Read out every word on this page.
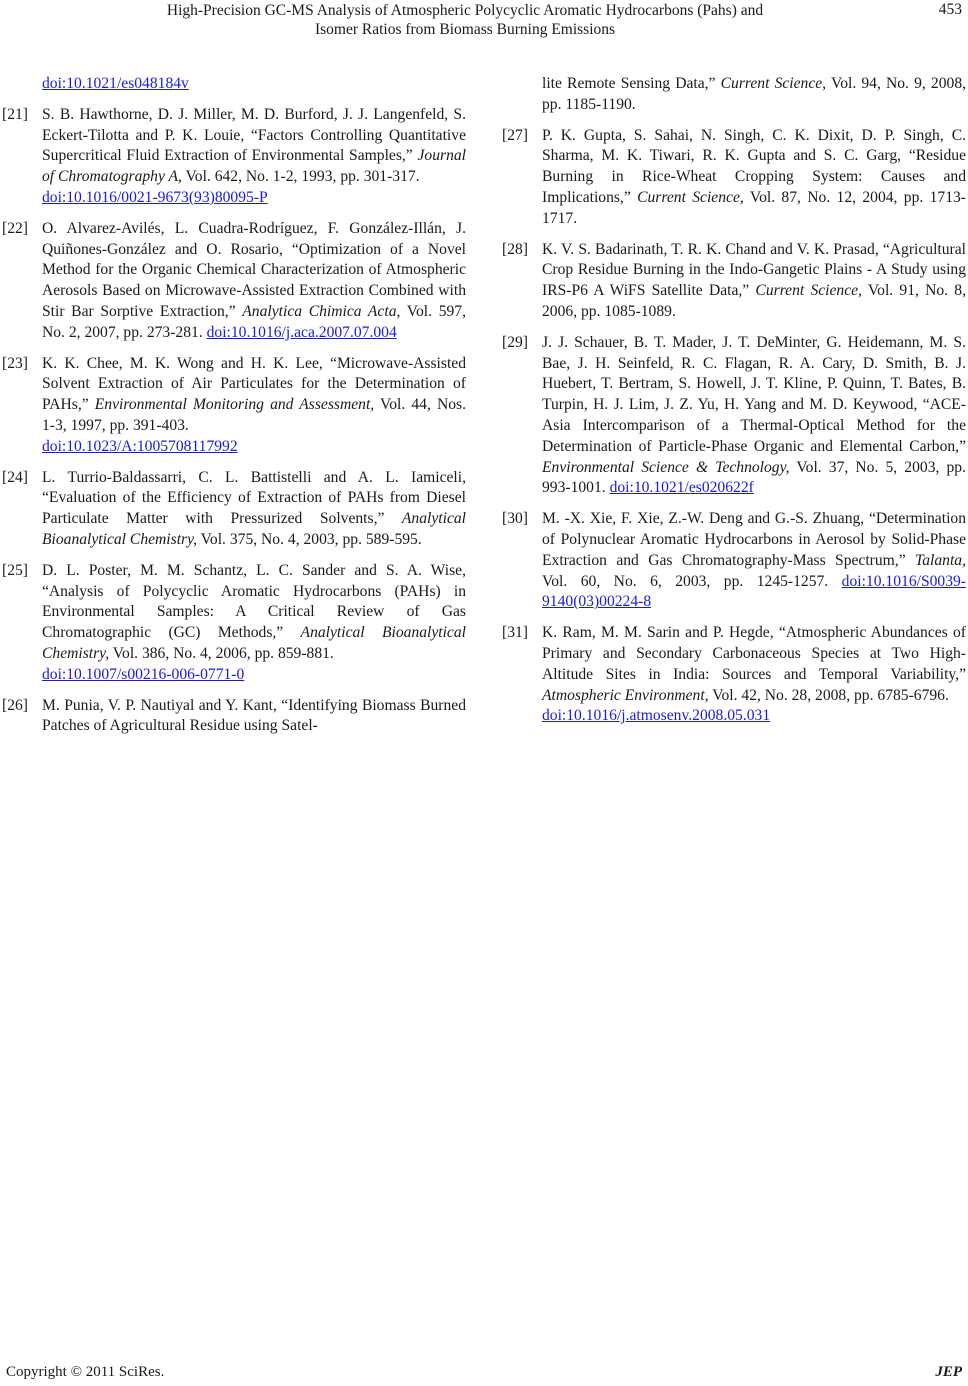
High-Precision GC-MS Analysis of Atmospheric Polycyclic Aromatic Hydrocarbons (Pahs) and
Isomer Ratios from Biomass Burning Emissions
453
doi:10.1021/es048184v
[21] S. B. Hawthorne, D. J. Miller, M. D. Burford, J. J. Langenfeld, S. Eckert-Tilotta and P. K. Louie, “Factors Controlling Quantitative Supercritical Fluid Extraction of Environmental Samples,” Journal of Chromatography A, Vol. 642, No. 1-2, 1993, pp. 301-317.
doi:10.1016/0021-9673(93)80095-P
[22] O. Alvarez-Avilés, L. Cuadra-Rodríguez, F. González-Illán, J. Quiñones-González and O. Rosario, “Optimization of a Novel Method for the Organic Chemical Characterization of Atmospheric Aerosols Based on Microwave-Assisted Extraction Combined with Stir Bar Sorptive Extraction,” Analytica Chimica Acta, Vol. 597, No. 2, 2007, pp. 273-281. doi:10.1016/j.aca.2007.07.004
[23] K. K. Chee, M. K. Wong and H. K. Lee, “Microwave-Assisted Solvent Extraction of Air Particulates for the Determination of PAHs,” Environmental Monitoring and Assessment, Vol. 44, Nos. 1-3, 1997, pp. 391-403.
doi:10.1023/A:1005708117992
[24] L. Turrio-Baldassarri, C. L. Battistelli and A. L. Iamiceli, “Evaluation of the Efficiency of Extraction of PAHs from Diesel Particulate Matter with Pressurized Solvents,” Analytical Bioanalytical Chemistry, Vol. 375, No. 4, 2003, pp. 589-595.
[25] D. L. Poster, M. M. Schantz, L. C. Sander and S. A. Wise, “Analysis of Polycyclic Aromatic Hydrocarbons (PAHs) in Environmental Samples: A Critical Review of Gas Chromatographic (GC) Methods,” Analytical Bioanalytical Chemistry, Vol. 386, No. 4, 2006, pp. 859-881.
doi:10.1007/s00216-006-0771-0
[26] M. Punia, V. P. Nautiyal and Y. Kant, “Identifying Biomass Burned Patches of Agricultural Residue using Satel-
lite Remote Sensing Data,” Current Science, Vol. 94, No. 9, 2008, pp. 1185-1190.
[27] P. K. Gupta, S. Sahai, N. Singh, C. K. Dixit, D. P. Singh, C. Sharma, M. K. Tiwari, R. K. Gupta and S. C. Garg, “Residue Burning in Rice-Wheat Cropping System: Causes and Implications,” Current Science, Vol. 87, No. 12, 2004, pp. 1713-1717.
[28] K. V. S. Badarinath, T. R. K. Chand and V. K. Prasad, “Agricultural Crop Residue Burning in the Indo-Gangetic Plains - A Study using IRS-P6 A WiFS Satellite Data,” Current Science, Vol. 91, No. 8, 2006, pp. 1085-1089.
[29] J. J. Schauer, B. T. Mader, J. T. DeMinter, G. Heidemann, M. S. Bae, J. H. Seinfeld, R. C. Flagan, R. A. Cary, D. Smith, B. J. Huebert, T. Bertram, S. Howell, J. T. Kline, P. Quinn, T. Bates, B. Turpin, H. J. Lim, J. Z. Yu, H. Yang and M. D. Keywood, “ACE-Asia Intercomparison of a Thermal-Optical Method for the Determination of Particle-Phase Organic and Elemental Carbon,” Environmental Science & Technology, Vol. 37, No. 5, 2003, pp. 993-1001. doi:10.1021/es020622f
[30] M. -X. Xie, F. Xie, Z.-W. Deng and G.-S. Zhuang, “Determination of Polynuclear Aromatic Hydrocarbons in Aerosol by Solid-Phase Extraction and Gas Chromatography-Mass Spectrum,” Talanta, Vol. 60, No. 6, 2003, pp. 1245-1257. doi:10.1016/S0039-9140(03)00224-8
[31] K. Ram, M. M. Sarin and P. Hegde, “Atmospheric Abundances of Primary and Secondary Carbonaceous Species at Two High-Altitude Sites in India: Sources and Temporal Variability,” Atmospheric Environment, Vol. 42, No. 28, 2008, pp. 6785-6796.
doi:10.1016/j.atmosenv.2008.05.031
Copyright © 2011 SciRes.	JEP
